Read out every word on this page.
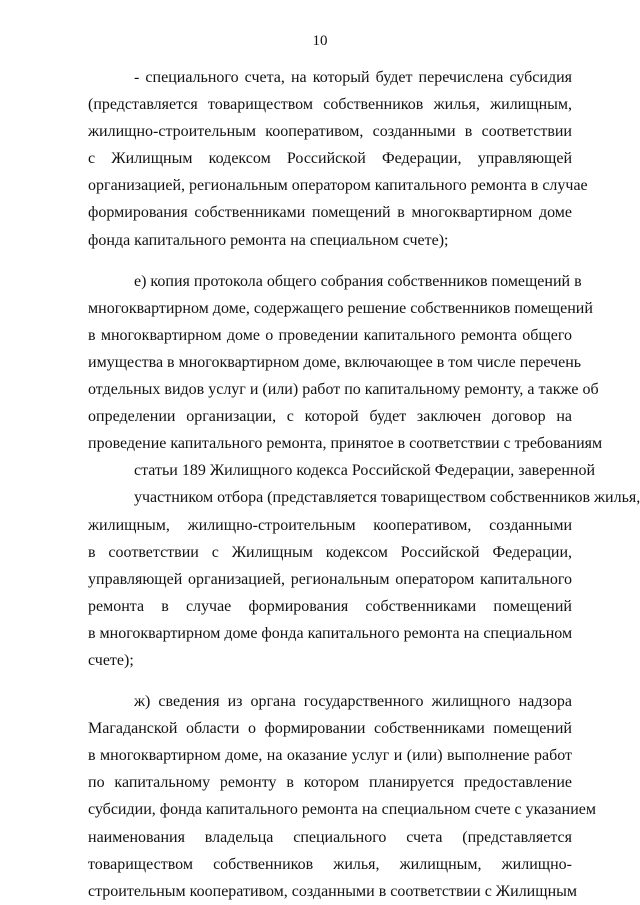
10
- специального счета, на который будет перечислена субсидия
(представляется товариществом собственников жилья, жилищным,
жилищно-строительным кооперативом, созданными в соответствии
с Жилищным кодексом Российской Федерации, управляющей
организацией, региональным оператором капитального ремонта в случае
формирования собственниками помещений в многоквартирном доме
фонда капитального ремонта на специальном счете);
е) копия протокола общего собрания собственников помещений в
многоквартирном доме, содержащего решение собственников помещений
в многоквартирном доме о проведении капитального ремонта общего
имущества в многоквартирном доме, включающее в том числе перечень
отдельных видов услуг и (или) работ по капитальному ремонту, а также об
определении организации, с которой будет заключен договор на
проведение капитального ремонта, принятое в соответствии с требованиям
статьи 189 Жилищного кодекса Российской Федерации, заверенной
участником отбора (представляется товариществом собственников жилья,
жилищным, жилищно-строительным кооперативом, созданными
в соответствии с Жилищным кодексом Российской Федерации,
управляющей организацией, региональным оператором капитального
ремонта в случае формирования собственниками помещений
в многоквартирном доме фонда капитального ремонта на специальном
счете);
ж) сведения из органа государственного жилищного надзора
Магаданской области о формировании собственниками помещений
в многоквартирном доме, на оказание услуг и (или) выполнение работ
по капитальному ремонту в котором планируется предоставление
субсидии, фонда капитального ремонта на специальном счете с указанием
наименования владельца специального счета (представляется
товариществом собственников жилья, жилищным, жилищно-
строительным кооперативом, созданными в соответствии с Жилищным
